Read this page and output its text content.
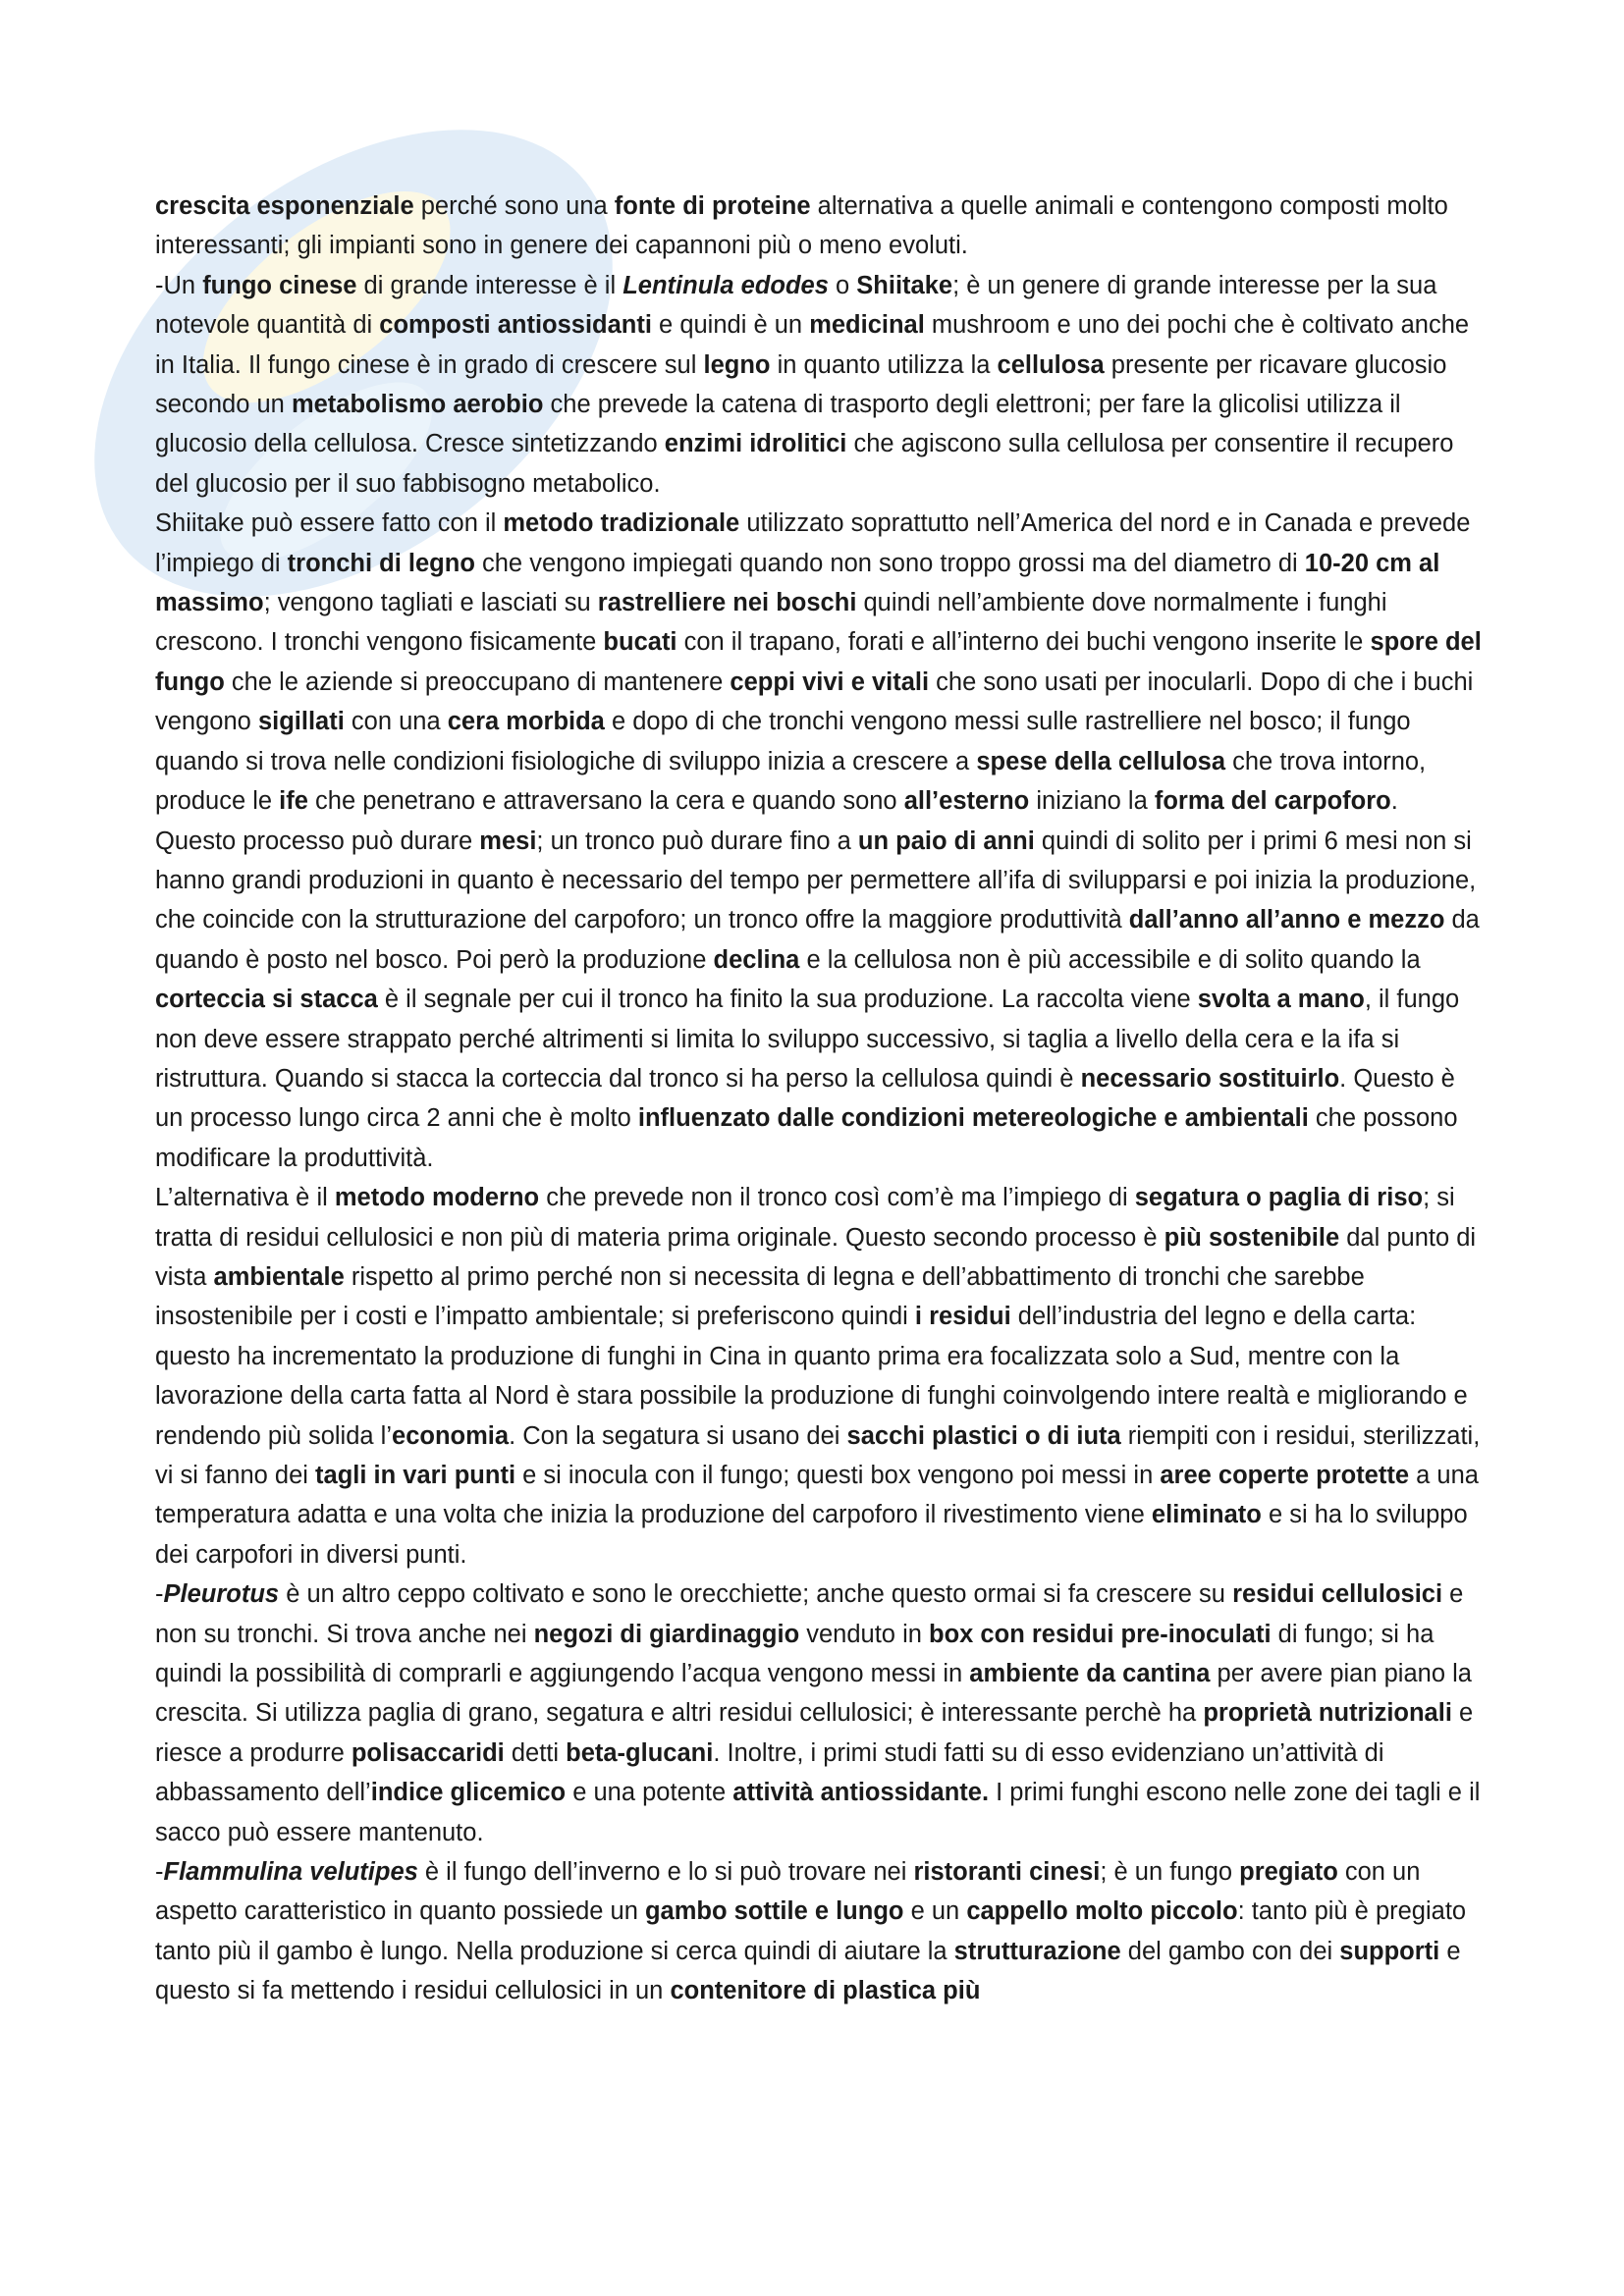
crescita esponenziale perché sono una fonte di proteine alternativa a quelle animali e contengono composti molto interessanti; gli impianti sono in genere dei capannoni più o meno evoluti.

-Un fungo cinese di grande interesse è il Lentinula edodes o Shiitake; è un genere di grande interesse per la sua notevole quantità di composti antiossidanti e quindi è un medicinal mushroom e uno dei pochi che è coltivato anche in Italia. Il fungo cinese è in grado di crescere sul legno in quanto utilizza la cellulosa presente per ricavare glucosio secondo un metabolismo aerobio che prevede la catena di trasporto degli elettroni; per fare la glicolisi utilizza il glucosio della cellulosa. Cresce sintetizzando enzimi idrolitici che agiscono sulla cellulosa per consentire il recupero del glucosio per il suo fabbisogno metabolico.

Shiitake può essere fatto con il metodo tradizionale utilizzato soprattutto nell’America del nord e in Canada e prevede l’impiego di tronchi di legno che vengono impiegati quando non sono troppo grossi ma del diametro di 10-20 cm al massimo; vengono tagliati e lasciati su rastrelliere nei boschi quindi nell’ambiente dove normalmente i funghi crescono. I tronchi vengono fisicamente bucati con il trapano, forati e all’interno dei buchi vengono inserite le spore del fungo che le aziende si preoccupano di mantenere ceppi vivi e vitali che sono usati per inocularli. Dopo di che i buchi vengono sigillati con una cera morbida e dopo di che tronchi vengono messi sulle rastrelliere nel bosco; il fungo quando si trova nelle condizioni fisiologiche di sviluppo inizia a crescere a spese della cellulosa che trova intorno, produce le ife che penetrano e attraversano la cera e quando sono all’esterno iniziano la forma del carpoforo. Questo processo può durare mesi; un tronco può durare fino a un paio di anni quindi di solito per i primi 6 mesi non si hanno grandi produzioni in quanto è necessario del tempo per permettere all’ifa di svilupparsi e poi inizia la produzione, che coincide con la strutturazione del carpoforo; un tronco offre la maggiore produttività dall’anno all’anno e mezzo da quando è posto nel bosco. Poi però la produzione declina e la cellulosa non è più accessibile e di solito quando la corteccia si stacca è il segnale per cui il tronco ha finito la sua produzione. La raccolta viene svolta a mano, il fungo non deve essere strappato perché altrimenti si limita lo sviluppo successivo, si taglia a livello della cera e la ifa si ristruttura. Quando si stacca la corteccia dal tronco si ha perso la cellulosa quindi è necessario sostituirlo. Questo è un processo lungo circa 2 anni che è molto influenzato dalle condizioni metereologiche e ambientali che possono modificare la produttività.

L’alternativa è il metodo moderno che prevede non il tronco così com’è ma l’impiego di segatura o paglia di riso; si tratta di residui cellulosici e non più di materia prima originale. Questo secondo processo è più sostenibile dal punto di vista ambientale rispetto al primo perché non si necessita di legna e dell’abbattimento di tronchi che sarebbe insostenibile per i costi e l’impatto ambientale; si preferiscono quindi i residui dell’industria del legno e della carta: questo ha incrementato la produzione di funghi in Cina in quanto prima era focalizzata solo a Sud, mentre con la lavorazione della carta fatta al Nord è stara possibile la produzione di funghi coinvolgendo intere realtà e migliorando e rendendo più solida l’economia. Con la segatura si usano dei sacchi plastici o di iuta riempiti con i residui, sterilizzati, vi si fanno dei tagli in vari punti e si inocula con il fungo; questi box vengono poi messi in aree coperte protette a una temperatura adatta e una volta che inizia la produzione del carpoforo il rivestimento viene eliminato e si ha lo sviluppo dei carpofori in diversi punti.

-Pleurotus è un altro ceppo coltivato e sono le orecchiette; anche questo ormai si fa crescere su residui cellulosici e non su tronchi. Si trova anche nei negozi di giardinaggio venduto in box con residui pre-inoculati di fungo; si ha quindi la possibilità di comprarli e aggiungendo l’acqua vengono messi in ambiente da cantina per avere pian piano la crescita. Si utilizza paglia di grano, segatura e altri residui cellulosici; è interessante perchè ha proprietà nutrizionali e riesce a produrre polisaccaridi detti beta-glucani. Inoltre, i primi studi fatti su di esso evidenziano un’attività di abbassamento dell’indice glicemico e una potente attività antiossidante. I primi funghi escono nelle zone dei tagli e il sacco può essere mantenuto.

-Flammulina velutipes è il fungo dell’inverno e lo si può trovare nei ristoranti cinesi; è un fungo pregiato con un aspetto caratteristico in quanto possiede un gambo sottile e lungo e un cappello molto piccolo: tanto più è pregiato tanto più il gambo è lungo. Nella produzione si cerca quindi di aiutare la strutturazione del gambo con dei supporti e questo si fa mettendo i residui cellulosici in un contenitore di plastica più
